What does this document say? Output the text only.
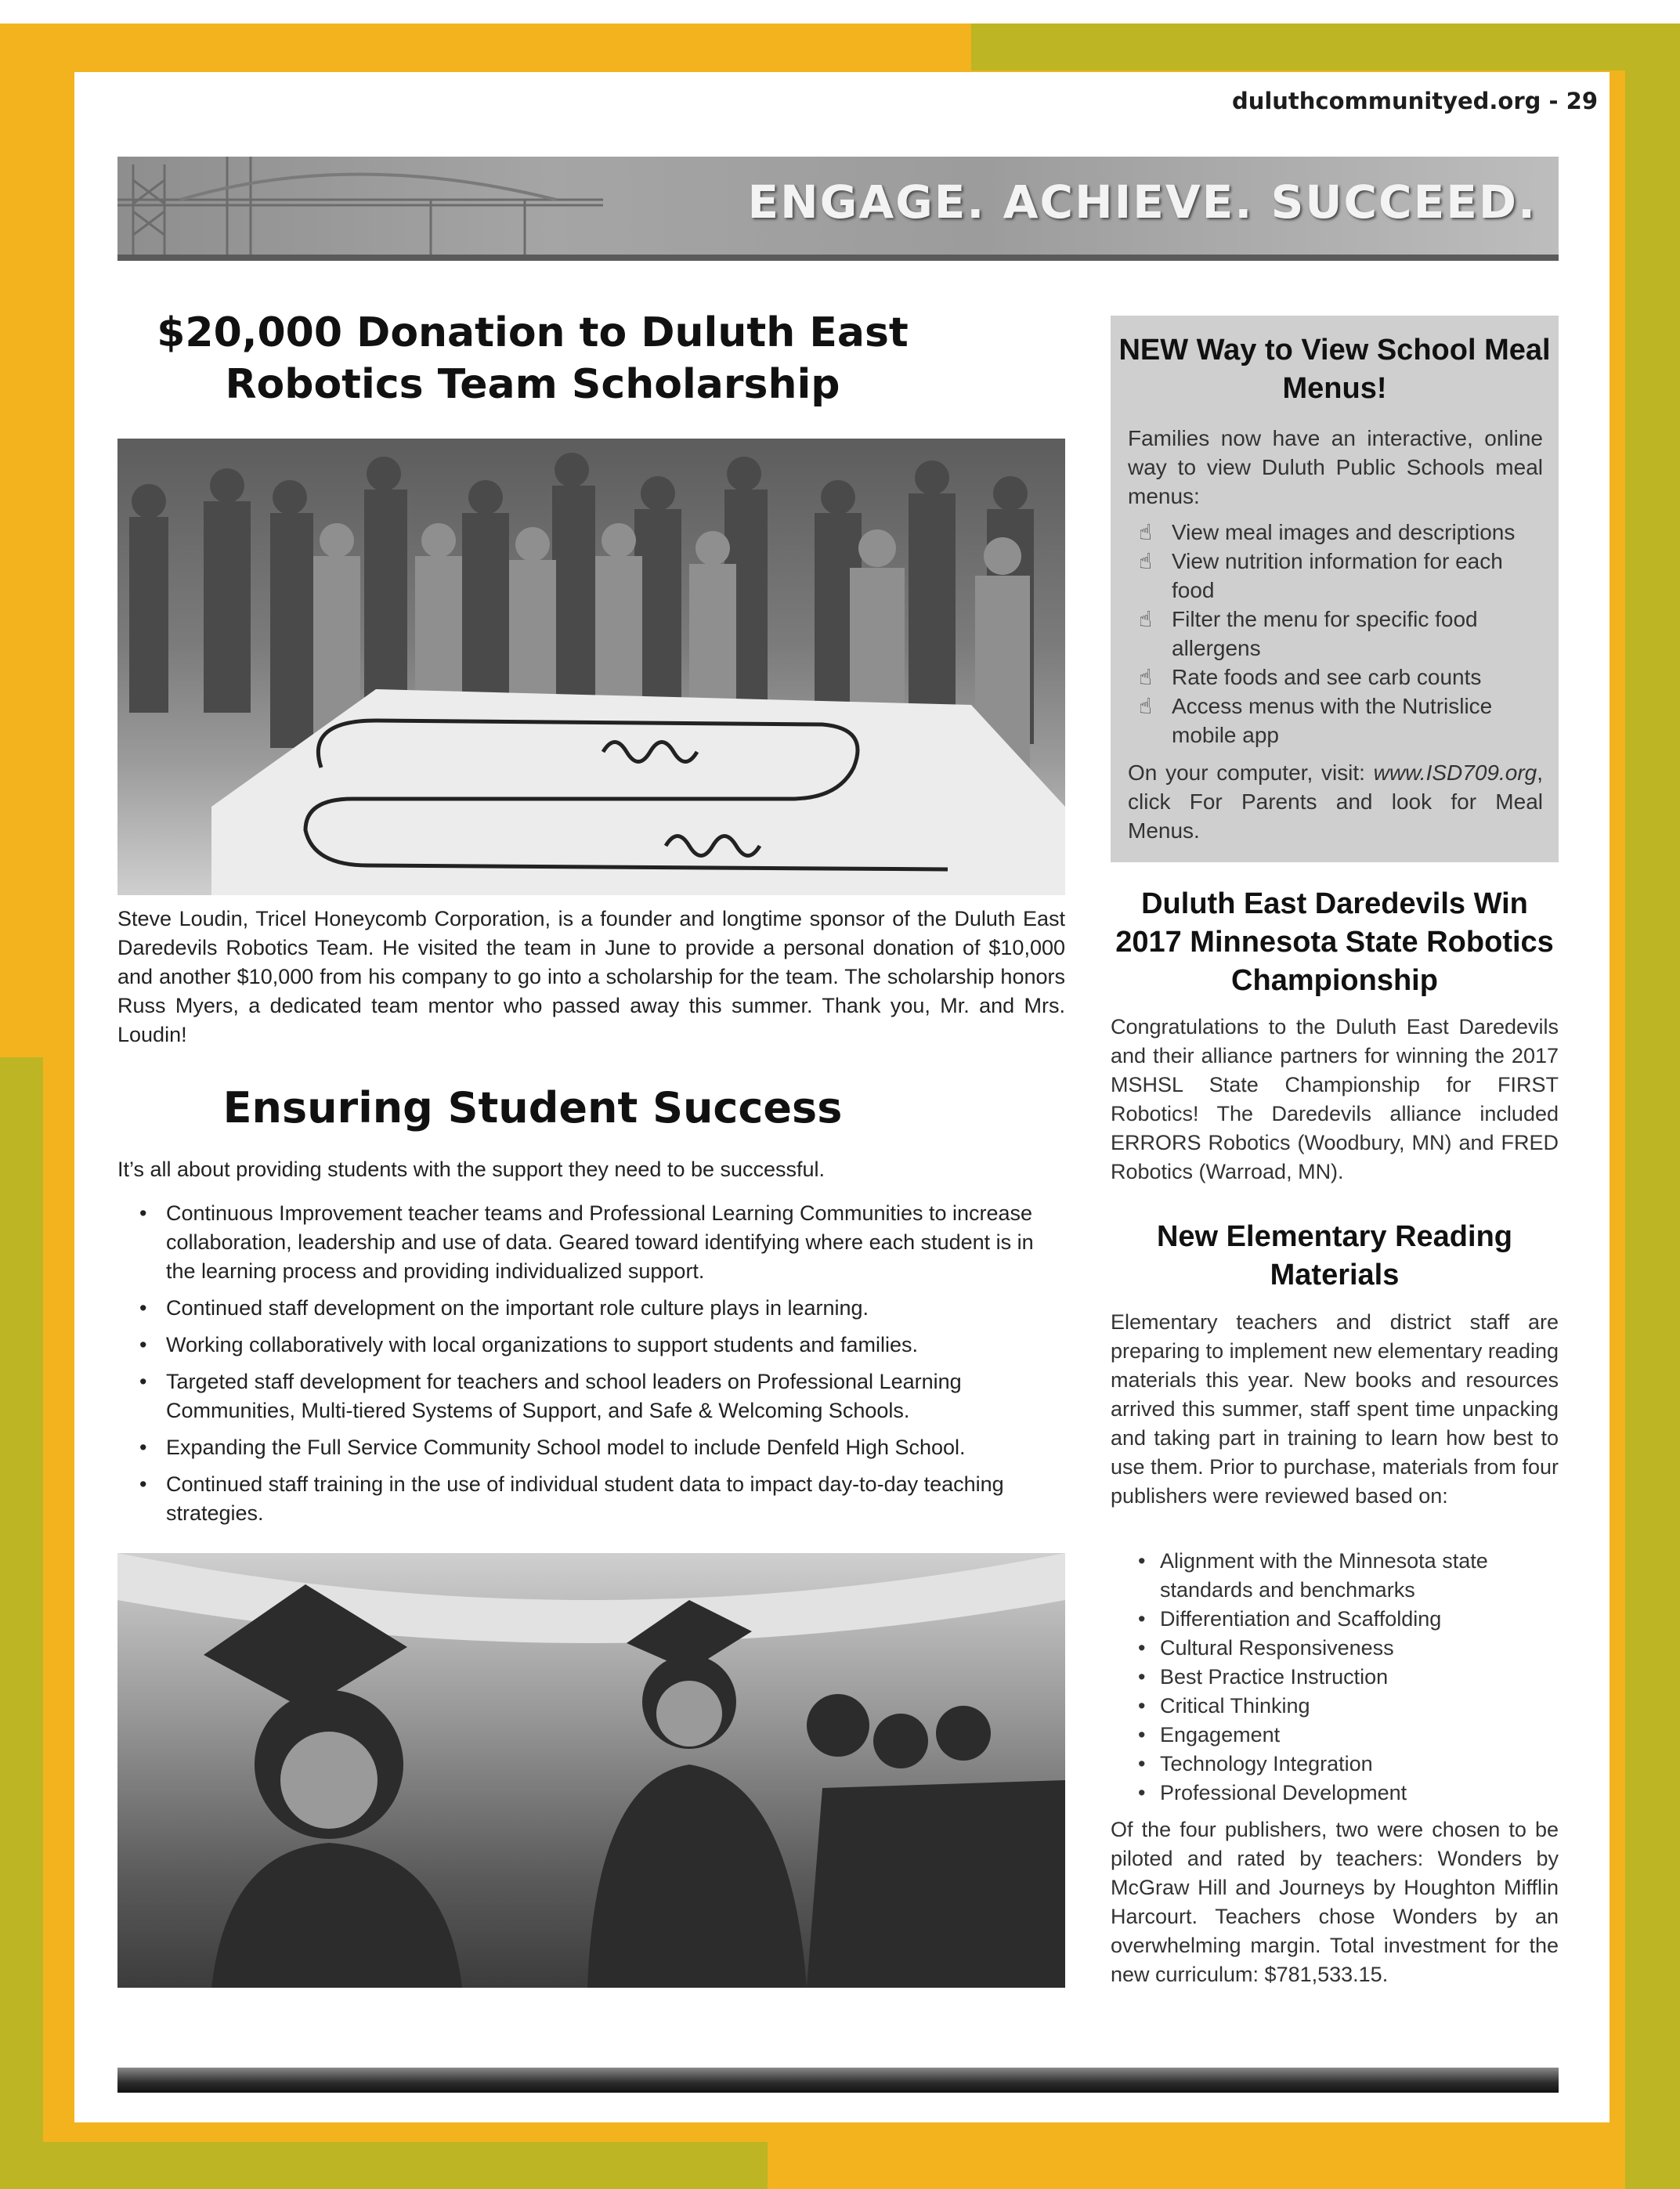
duluthcommunityed.org - 29
ENGAGE. ACHIEVE. SUCCEED.
$20,000 Donation to Duluth East Robotics Team Scholarship
Steve Loudin, Tricel Honeycomb Corporation, is a founder and longtime sponsor of the Duluth East Daredevils Robotics Team. He visited the team in June to provide a personal donation of $10,000 and another $10,000 from his company to go into a scholarship for the team. The scholarship honors Russ Myers, a dedicated team mentor who passed away this summer. Thank you, Mr. and Mrs. Loudin!
Ensuring Student Success
It’s all about providing students with the support they need to be successful.
• Continuous Improvement teacher teams and Professional Learning Communities to increase collaboration, leadership and use of data. Geared toward identifying where each student is in the learning process and providing individualized support.
• Continued staff development on the important role culture plays in learning.
• Working collaboratively with local organizations to support students and families.
• Targeted staff development for teachers and school leaders on Professional Learning Communities, Multi-tiered Systems of Support, and Safe & Welcoming Schools.
• Expanding the Full Service Community School model to include Denfeld High School.
• Continued staff training in the use of individual student data to impact day-to-day teaching strategies.
NEW Way to View School Meal Menus!
Families now have an interactive, online way to view Duluth Public Schools meal menus:
☝ View meal images and descriptions
☝ View nutrition information for each food
☝ Filter the menu for specific food allergens
☝ Rate foods and see carb counts
☝ Access menus with the Nutrislice mobile app
On your computer, visit: www.ISD709.org, click For Parents and look for Meal Menus.
Duluth East Daredevils Win 2017 Minnesota State Robotics Championship
Congratulations to the Duluth East Daredevils and their alliance partners for winning the 2017 MSHSL State Championship for FIRST Robotics! The Daredevils alliance included ERRORS Robotics (Woodbury, MN) and FRED Robotics (Warroad, MN).
New Elementary Reading Materials
Elementary teachers and district staff are preparing to implement new elementary reading materials this year. New books and resources arrived this summer, staff spent time unpacking and taking part in training to learn how best to use them. Prior to purchase, materials from four publishers were reviewed based on:
• Alignment with the Minnesota state standards and benchmarks
• Differentiation and Scaffolding
• Cultural Responsiveness
• Best Practice Instruction
• Critical Thinking
• Engagement
• Technology Integration
• Professional Development
Of the four publishers, two were chosen to be piloted and rated by teachers: Wonders by McGraw Hill and Journeys by Houghton Mifflin Harcourt. Teachers chose Wonders by an overwhelming margin. Total investment for the new curriculum: $781,533.15.
